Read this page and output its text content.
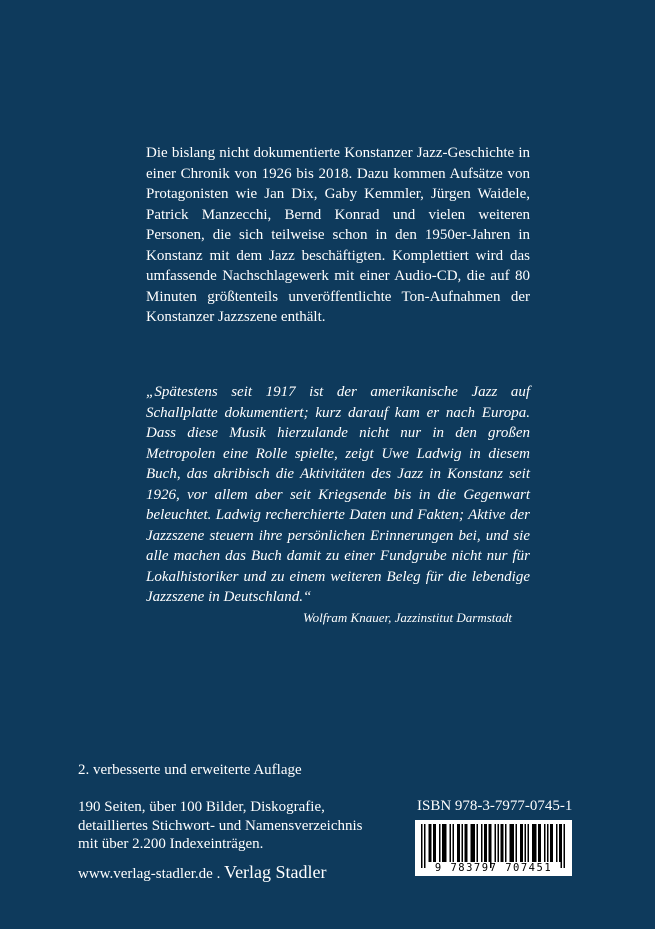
Die bislang nicht dokumentierte Konstanzer Jazz-Geschichte in einer Chronik von 1926 bis 2018. Dazu kommen Aufsätze von Protagonisten wie Jan Dix, Gaby Kemmler, Jürgen Waidele, Patrick Manzecchi, Bernd Konrad und vielen weiteren Personen, die sich teilweise schon in den 1950er-Jahren in Konstanz mit dem Jazz beschäftigten. Komplettiert wird das umfassende Nachschlagewerk mit einer Audio-CD, die auf 80 Minuten größtenteils unveröffentlichte Ton-Aufnahmen der Konstanzer Jazzszene enthält.

„Spätestens seit 1917 ist der amerikanische Jazz auf Schallplatte dokumentiert; kurz darauf kam er nach Europa. Dass diese Musik hierzulande nicht nur in den großen Metropolen eine Rolle spielte, zeigt Uwe Ladwig in diesem Buch, das akribisch die Aktivitäten des Jazz in Konstanz seit 1926, vor allem aber seit Kriegsende bis in die Gegenwart beleuchtet. Ladwig recherchierte Daten und Fakten; Aktive der Jazzszene steuern ihre persönlichen Erinnerungen bei, und sie alle machen das Buch damit zu einer Fundgrube nicht nur für Lokalhistoriker und zu einem weiteren Beleg für die lebendige Jazzszene in Deutschland.“

Wolfram Knauer, Jazzinstitut Darmstadt

2. verbesserte und erweiterte Auflage

190 Seiten, über 100 Bilder, Diskografie,
detailliertes Stichwort- und Namensverzeichnis
mit über 2.200 Indexeinträgen.

www.verlag-stadler.de . Verlag Stadler

ISBN 978-3-7977-0745-1

9 783797 707451
